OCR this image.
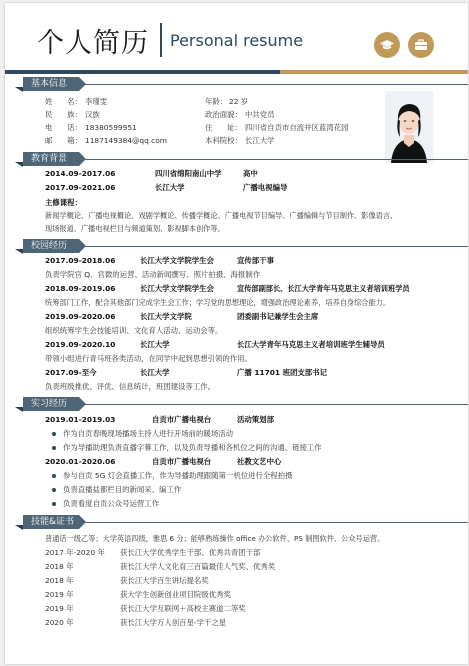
个人简历 Personal resume
基本信息
姓　　名： 李瑾雯	年龄： 22 岁
民　　族： 汉族	政治面貌： 中共党员
电　　话： 18380599951	住　　址： 四川省自贡市自流井区蓝湾花园
邮　　箱： 1187149384@qq.com	本科院校： 长江大学
教育背景
2014.09-2017.06	四川省绵阳南山中学	高中
2017.09-2021.06	长江大学	广播电视编导
主修课程：
新闻学概论、广播电视概论、戏剧学概论、传播学概论、广播电视节目编导、广播编辑与节目制作、影像语言、
现场报道、广播电视栏目与频道策划、影视脚本创作等。
校园经历
2017.09-2018.06	长江大学文学院学生会	宣传部干事
负责学院官 Q、官微的运营、活动新闻撰写、照片拍摄、海报制作
2018.09-2019.06	长江大学文学院学生会	宣传部副部长、长江大学青年马克思主义者培训班学员
统筹部门工作，配合其他部门完成学生会工作；学习党的思想理论，增强政治理论素养，培养自身综合能力。
2019.09-2020.06	长江大学文学院	团委副书记兼学生会主席
组织统筹学生会技能培训、文化育人活动、运动会等。
2019.09-2020.10	长江大学	长江大学青年马克思主义者培训班学生辅导员
带领小组进行青马班各类活动，在同学中起到思想引领的作用。
2017.09-至今	长江大学	广播 11701 班团支部书记
负责班级推优、评优、信息统计，班团建设等工作。
实习经历
2019.01-2019.03	自贡市广播电视台	活动策划部
作为自贡春晚现场播场主持人进行开场前的暖场活动
作为导播助理负责直播字幕工作，以及负责导播和各机位之间的沟通、链接工作
2020.01-2020.06	自贡市广播电视台	社教文艺中心
参与自贡 5G 灯会直播工作，作为导播助理跟随第一机位进行全程拍摄
负责直播盐都栏目的新闻采、编工作
负责看度自贡公众号运营工作
技能&证书
普通话一级乙等；大学英语四级，雅思 6 分；能够熟练操作 office 办公软件、PS 制图软件、公众号运营。
2017 年-2020 年 获长江大学优秀学生干部、优秀共青团干部
2018 年	获长江大学人文化育三百篇最佳人气奖、优秀奖
2018 年	获长江大学百生讲坛提名奖
2019 年	获大学生创新创业项目院级优秀奖
2019 年	获长江大学互联网＋高校主赛道二等奖
2020 年	获长江大学万人创百星-学干之星
